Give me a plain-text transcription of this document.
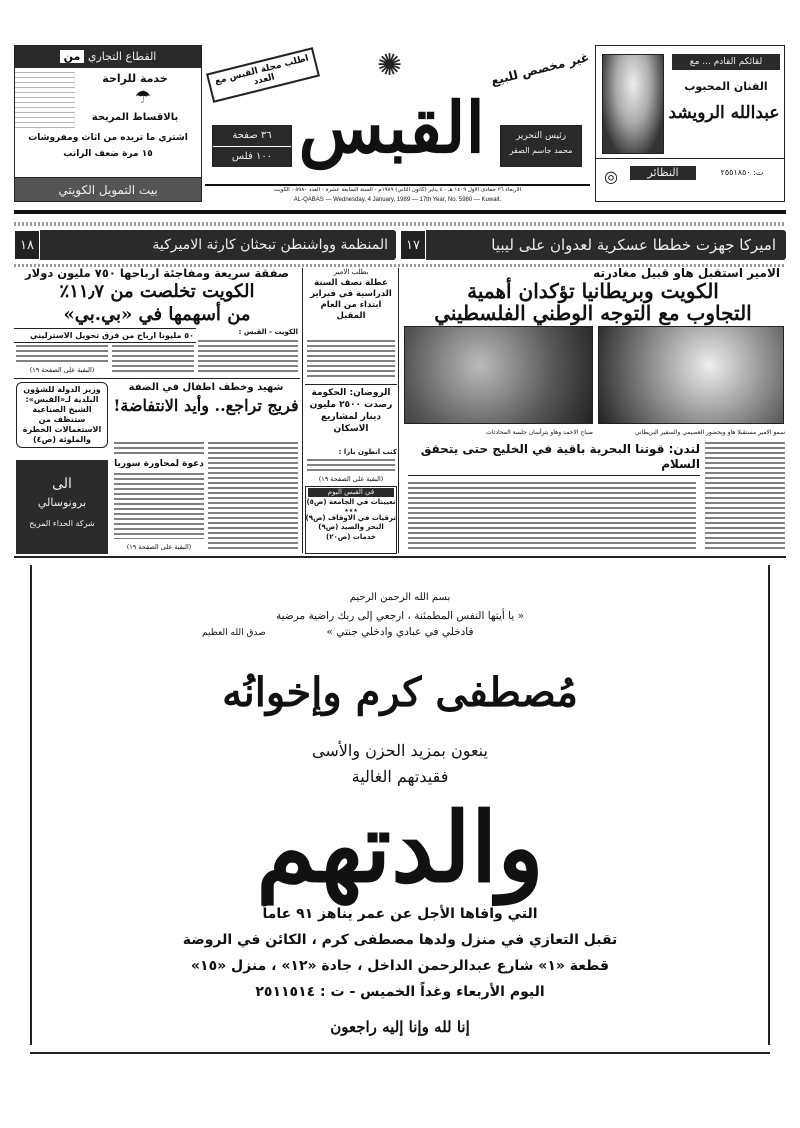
القطاع التجاري من
خدمة للراحة
☂
بالاقساط المريحة
اشتري ما تريده من اثاث ومفروشات
١٥ مرة ضعف الراتب
بيت التمويل الكويتي
اطلب مجلة القبس مع العدد
٣٦ صفحة
١٠٠ فلس
✺
القبس
غير مخصص للبيع
رئيس التحرير
محمد جاسم الصقر
الاربعاء ٢٦ جمادى الاول ١٤٠٩ هـ - ٤ يناير (كانون الثاني) ١٩٨٩م - السنة السابعة عشرة - العدد ٥٩٨٠ - الكويت
AL-QABAS — Wednesday, 4 January, 1989 — 17th Year, No. 5980 — Kuwait.
لقائكم القادم ... مع
الفنان المحبوب
عبدالله الرويشد
◎	النظائر	ت: ٢٥٥١٨٥٠
اميركا جهزت خططا عسكرية لعدوان على ليبيا
١٧
المنظمة وواشنطن تبحثان كارثة الاميركية
١٨
الامير استقبل هاو قبيل مغادرته
الكويت وبريطانيا تؤكدان أهمية
التجاوب مع التوجه الوطني الفلسطيني
سمو الامير مستقبلا هاو ويحضور العصيمي والسفير البريطاني
صباح الاحمد وهاو يترأسان جلسة المحادثات
لندن: قوتنا البحرية باقية في الخليج حتى يتحقق السلام
بطلب الامير
عطلة نصف السنة الدراسية في فبراير ابتداء من العام المقبل
الروضان: الحكومة رصدت ٢٥٠٠ مليون دينار لمشاريع الاسكان
كتب انطون بارا :
(البقية على الصفحة ١٩)
في القبس اليوم
تعيينات في الجامعة (ص٥)
★★★
ترقيات في الاوقاف (ص٩)
البحر والصيد (ص٩)
خدمات (ص٢٠)
صفقة سريعة ومفاجئة ارباحها ٧٥٠ مليون دولار
الكويت تخلصت من ١١٫٧٪
من أسهمها في «بي.بي»
الكويت - القبس :
٥٠ مليونا ارباح من فرق تحويل الاسترليني
(البقية على الصفحة ١٩)
وزير الدولة للشؤون البلدية لـ«القبس»: الشيخ الصناعية ستنظف من الاستعمالات الخطرة والملوثة (ص٤)
شهيد وخطف اطفال في الضفة
فريج تراجع.. وأيد الانتفاضة!
دعوة لمحاورة سوريا
(البقية على الصفحة ١٩)
الى
برونوسالي
شركة الحداء المريح
بسم الله الرحمن الرحيم
« يا أيتها النفس المطمئنة ، ارجعي إلى ربك راضية مرضية
فادخلي في عبادي وادخلي جنتي »
صدق الله العظيم
مُصطفى كرم وإخوانُه
ينعون بمزيد الحزن والأسى
فقيدتهم الغالية
والدتهم
التي وافاها الأجل عن عمر يناهز ٩١ عاماً
تقبل التعازي في منزل ولدها مصطفى كرم ، الكائن في الروضة
قطعة «١» شارع عبدالرحمن الداخل ، جادة «١٢» ، منزل «١٥»
اليوم الأربعاء وغداً الخميس - ت : ٢٥١١٥١٤
إنا لله وإنا إليه راجعون
